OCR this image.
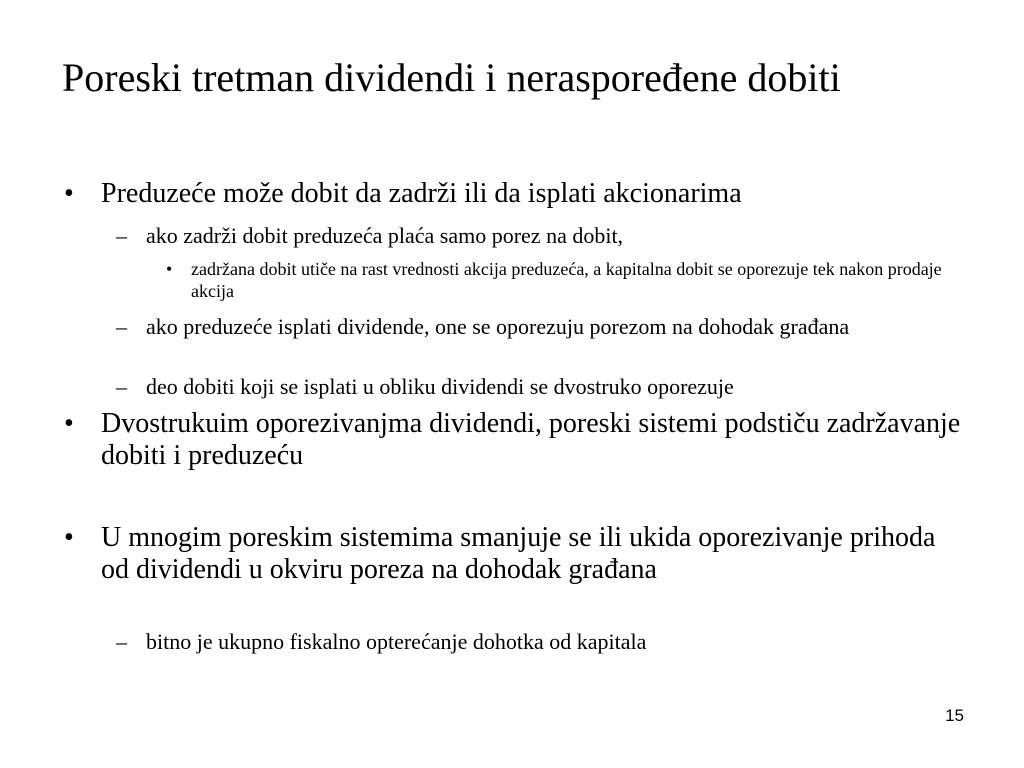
Poreski tretman dividendi i neraspoređene dobiti
• Preduzeće može dobit da zadrži ili da isplati akcionarima
– ako zadrži dobit preduzeća plaća samo porez na dobit,
• zadržana dobit utiče na rast vrednosti akcija preduzeća, a kapitalna dobit se oporezuje tek nakon prodaje akcija
– ako preduzeće isplati dividende, one se oporezuju porezom na dohodak građana
– deo dobiti koji se isplati u obliku dividendi se dvostruko oporezuje
• Dvostrukuim oporezivanjma dividendi, poreski sistemi podstiču zadržavanje dobiti i preduzeću
• U mnogim poreskim sistemima smanjuje se ili ukida oporezivanje prihoda od dividendi u okviru poreza na dohodak građana
– bitno je ukupno fiskalno opterećanje dohotka od kapitala
15
